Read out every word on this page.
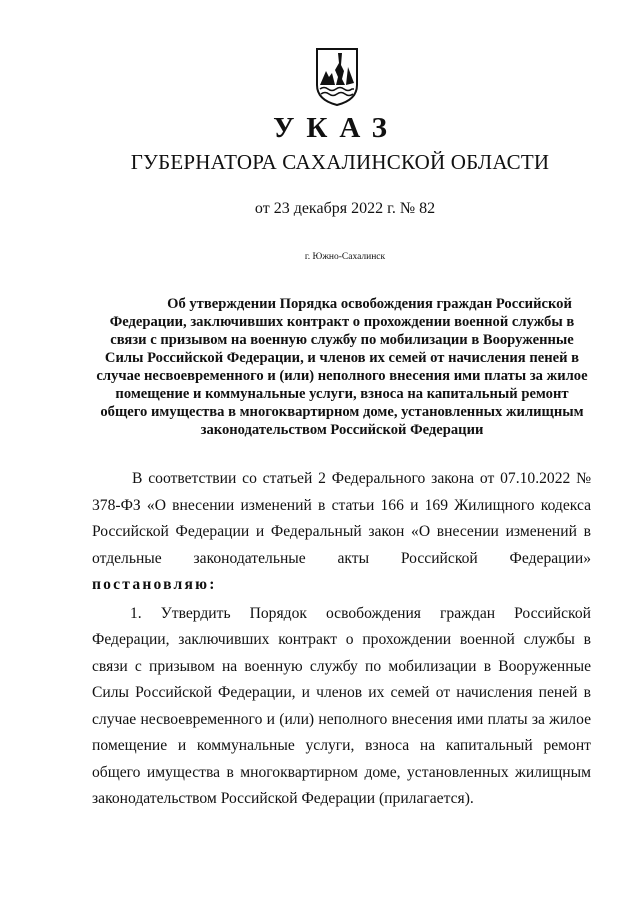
УКАЗ
ГУБЕРНАТОРА САХАЛИНСКОЙ ОБЛАСТИ
от 23 декабря 2022 г. № 82
г. Южно-Сахалинск
Об утверждении Порядка освобождения граждан Российской Федерации, заключивших контракт о прохождении военной службы в связи с призывом на военную службу по мобилизации в Вооруженные Силы Российской Федерации, и членов их семей от начисления пеней в случае несвоевременного и (или) неполного внесения ими платы за жилое помещение и коммунальные услуги, взноса на капитальный ремонт общего имущества в многоквартирном доме, установленных жилищным законодательством Российской Федерации

В соответствии со статьей 2 Федерального закона от 07.10.2022 № 378-ФЗ «О внесении изменений в статьи 166 и 169 Жилищного кодекса Российской Федерации и Федеральный закон «О внесении изменений в отдельные законодательные акты Российской Федерации» постановляю:

1. Утвердить Порядок освобождения граждан Российской Федерации, заключивших контракт о прохождении военной службы в связи с призывом на военную службу по мобилизации в Вооруженные Силы Российской Федерации, и членов их семей от начисления пеней в случае несвоевременного и (или) неполного внесения ими платы за жилое помещение и коммунальные услуги, взноса на капитальный ремонт общего имущества в многоквартирном доме, установленных жилищным законодательством Российской Федерации (прилагается).
